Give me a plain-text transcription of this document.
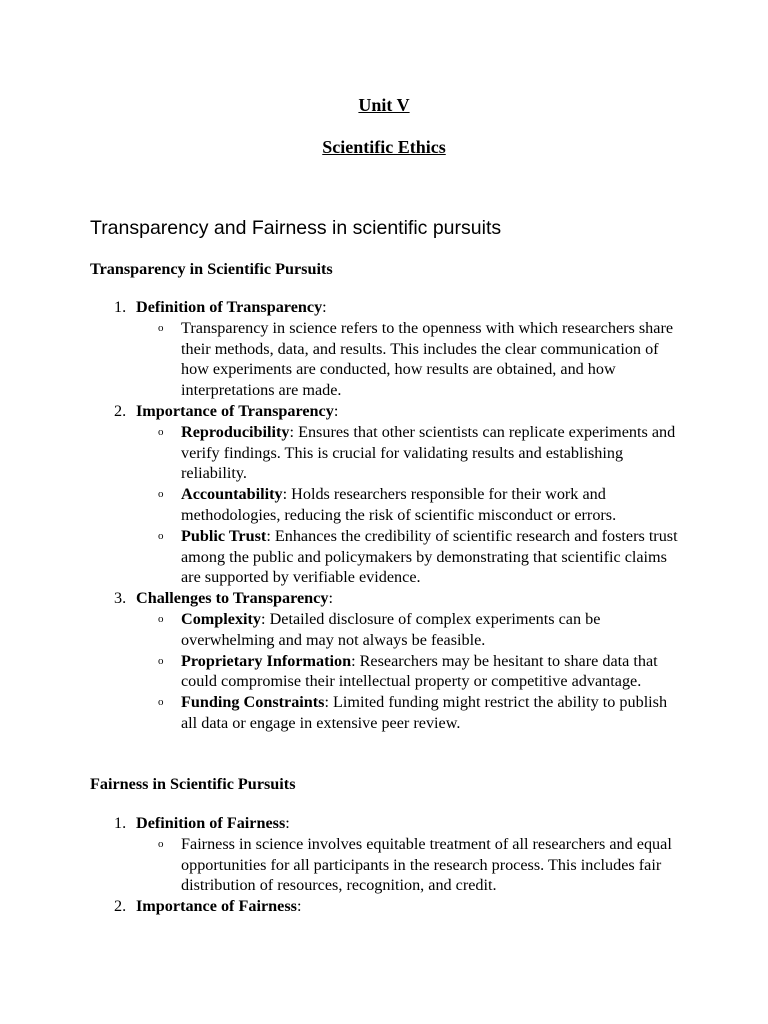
Unit V
Scientific Ethics
Transparency and Fairness in scientific pursuits
Transparency in Scientific Pursuits
1. Definition of Transparency:
o Transparency in science refers to the openness with which researchers share their methods, data, and results. This includes the clear communication of how experiments are conducted, how results are obtained, and how interpretations are made.
2. Importance of Transparency:
o Reproducibility: Ensures that other scientists can replicate experiments and verify findings. This is crucial for validating results and establishing reliability.
o Accountability: Holds researchers responsible for their work and methodologies, reducing the risk of scientific misconduct or errors.
o Public Trust: Enhances the credibility of scientific research and fosters trust among the public and policymakers by demonstrating that scientific claims are supported by verifiable evidence.
3. Challenges to Transparency:
o Complexity: Detailed disclosure of complex experiments can be overwhelming and may not always be feasible.
o Proprietary Information: Researchers may be hesitant to share data that could compromise their intellectual property or competitive advantage.
o Funding Constraints: Limited funding might restrict the ability to publish all data or engage in extensive peer review.
Fairness in Scientific Pursuits
1. Definition of Fairness:
o Fairness in science involves equitable treatment of all researchers and equal opportunities for all participants in the research process. This includes fair distribution of resources, recognition, and credit.
2. Importance of Fairness:
